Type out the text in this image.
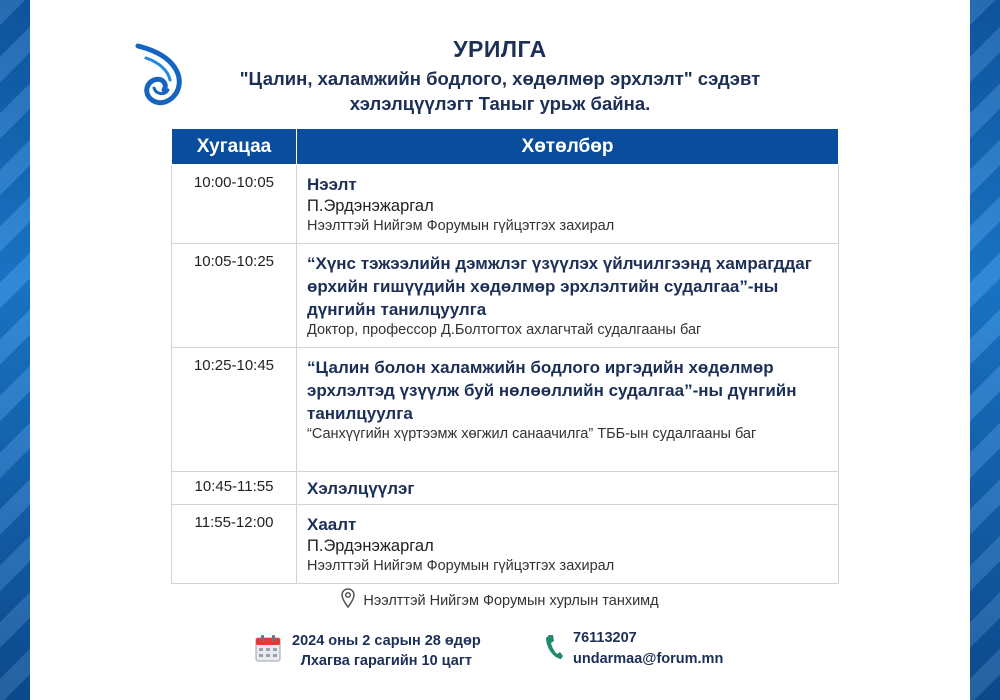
УРИЛГА
"Цалин, халамжийн бодлого, хөдөлмөр эрхлэлт" сэдэвт хэлэлцүүлэгт Таныг урьж байна.
Хугацаа	Хөтөлбөр
10:00-10:05	Нээлт
П.Эрдэнэжаргал
Нээлттэй Нийгэм Форумын гүйцэтгэх захирал

10:05-10:25	“Хүнс тэжээлийн дэмжлэг үзүүлэх үйлчилгээнд хамрагддаг өрхийн гишүүдийн хөдөлмөр эрхлэлтийн судалгаа”-ны дүнгийн танилцуулга
Доктор, профессор Д.Болтогтох ахлагчтай судалгааны баг

10:25-10:45	“Цалин болон халамжийн бодлого иргэдийн хөдөлмөр эрхлэлтэд үзүүлж буй нөлөөллийн судалгаа”-ны дүнгийн танилцуулга
“Санхүүгийн хүртээмж хөгжил санаачилга” ТББ-ын судалгааны баг

10:45-11:55	Хэлэлцүүлэг

11:55-12:00	Хаалт
П.Эрдэнэжаргал
Нээлттэй Нийгэм Форумын гүйцэтгэх захирал
Нээлттэй Нийгэм Форумын хурлын танхимд
2024 оны 2 сарын 28 өдөр
Лхагва гарагийн 10 цагт
76113207
undarmaa@forum.mn
